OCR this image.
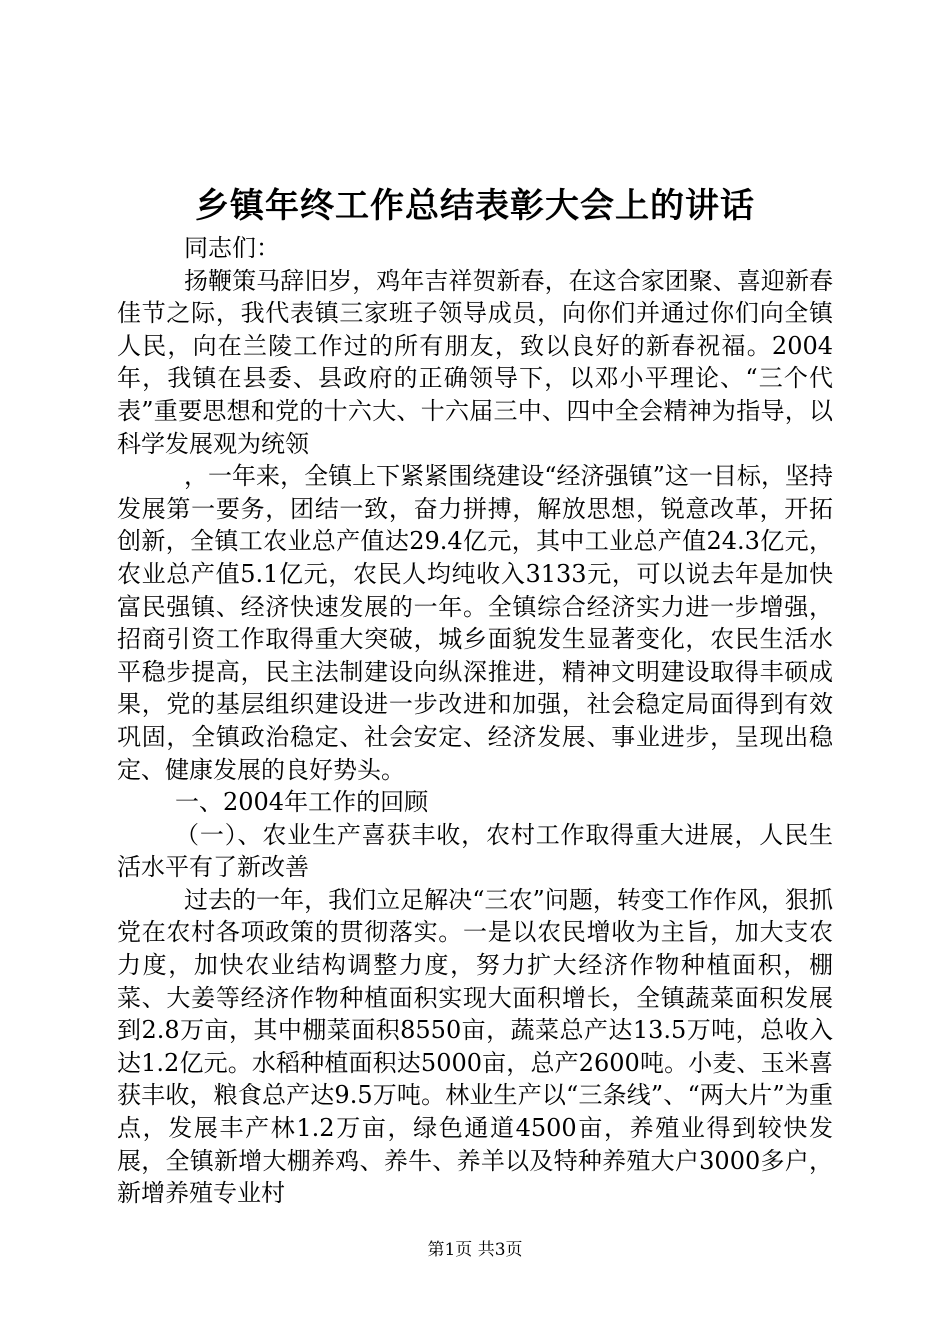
乡镇年终工作总结表彰大会上的讲话

同志们：

扬鞭策马辞旧岁，鸡年吉祥贺新春，在这合家团聚、喜迎新春佳节之际，我代表镇三家班子领导成员，向你们并通过你们向全镇人民，向在兰陵工作过的所有朋友，致以良好的新春祝福。2004年，我镇在县委、县政府的正确领导下，以邓小平理论、“三个代表”重要思想和党的十六大、十六届三中、四中全会精神为指导，以科学发展观为统领

，一年来，全镇上下紧紧围绕建设“经济强镇”这一目标，坚持发展第一要务，团结一致，奋力拼搏，解放思想，锐意改革，开拓创新，全镇工农业总产值达29.4亿元，其中工业总产值24.3亿元，农业总产值5.1亿元，农民人均纯收入3133元，可以说去年是加快富民强镇、经济快速发展的一年。全镇综合经济实力进一步增强，招商引资工作取得重大突破，城乡面貌发生显著变化，农民生活水平稳步提高，民主法制建设向纵深推进，精神文明建设取得丰硕成果，党的基层组织建设进一步改进和加强，社会稳定局面得到有效巩固，全镇政治稳定、社会安定、经济发展、事业进步，呈现出稳定、健康发展的良好势头。

一、2004年工作的回顾

（一）、农业生产喜获丰收，农村工作取得重大进展，人民生活水平有了新改善

过去的一年，我们立足解决“三农”问题，转变工作作风，狠抓党在农村各项政策的贯彻落实。一是以农民增收为主旨，加大支农力度，加快农业结构调整力度，努力扩大经济作物种植面积，棚菜、大姜等经济作物种植面积实现大面积增长，全镇蔬菜面积发展到2.8万亩，其中棚菜面积8550亩，蔬菜总产达13.5万吨，总收入达1.2亿元。水稻种植面积达5000亩，总产2600吨。小麦、玉米喜获丰收，粮食总产达9.5万吨。林业生产以“三条线”、“两大片”为重点，发展丰产林1.2万亩，绿色通道4500亩，养殖业得到较快发展，全镇新增大棚养鸡、养牛、养羊以及特种养殖大户3000多户，新增养殖专业村

第1页 共3页
